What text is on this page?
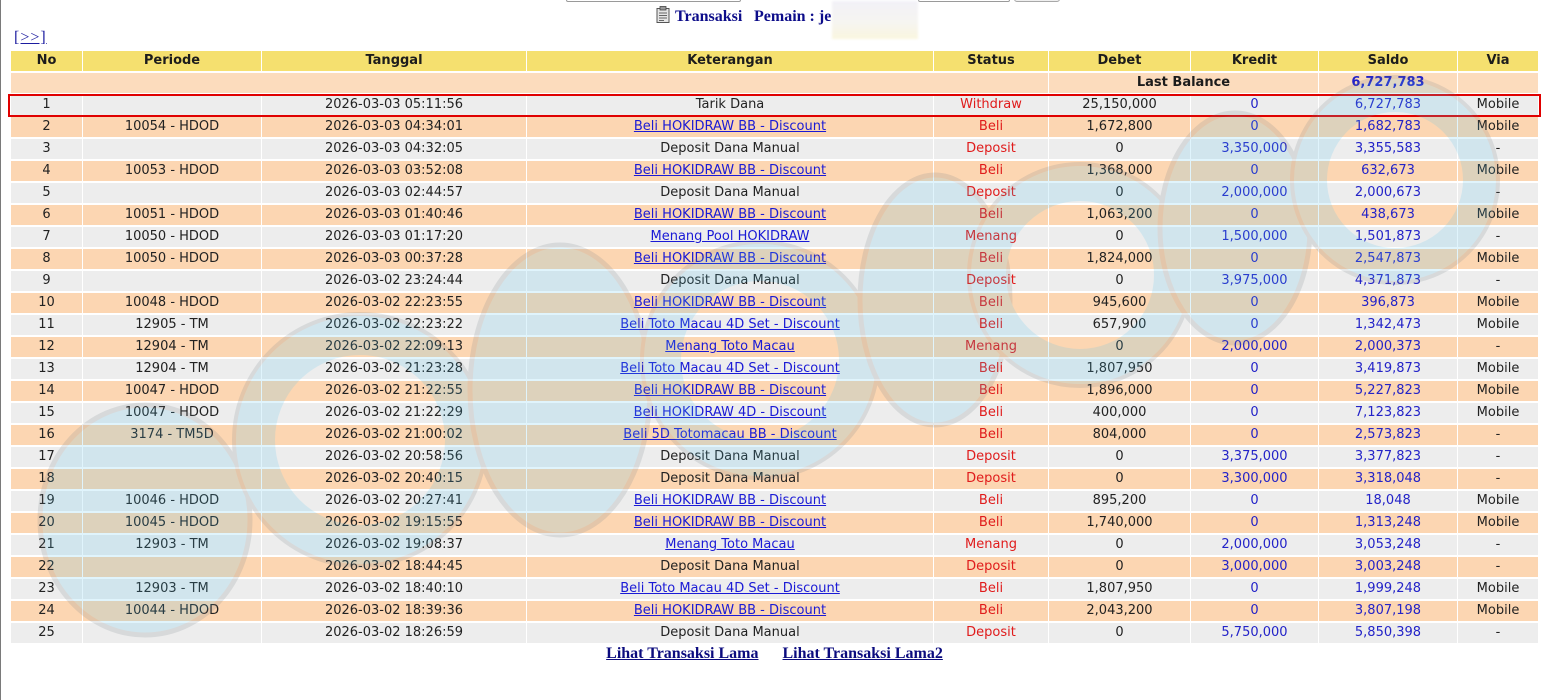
Transaksi Pemain : je
[>>]
No	Periode	Tanggal	Keterangan	Status	Debet	Kredit	Saldo	Via
					Last Balance		6,727,783	
1		2026-03-03 05:11:56	Tarik Dana	Withdraw	25,150,000	0	6,727,783	Mobile
2	10054 - HDOD	2026-03-03 04:34:01	Beli HOKIDRAW BB - Discount	Beli	1,672,800	0	1,682,783	Mobile
3		2026-03-03 04:32:05	Deposit Dana Manual	Deposit	0	3,350,000	3,355,583	-
4	10053 - HDOD	2026-03-03 03:52:08	Beli HOKIDRAW BB - Discount	Beli	1,368,000	0	632,673	Mobile
5		2026-03-03 02:44:57	Deposit Dana Manual	Deposit	0	2,000,000	2,000,673	-
6	10051 - HDOD	2026-03-03 01:40:46	Beli HOKIDRAW BB - Discount	Beli	1,063,200	0	438,673	Mobile
7	10050 - HDOD	2026-03-03 01:17:20	Menang Pool HOKIDRAW	Menang	0	1,500,000	1,501,873	-
8	10050 - HDOD	2026-03-03 00:37:28	Beli HOKIDRAW BB - Discount	Beli	1,824,000	0	2,547,873	Mobile
9		2026-03-02 23:24:44	Deposit Dana Manual	Deposit	0	3,975,000	4,371,873	-
10	10048 - HDOD	2026-03-02 22:23:55	Beli HOKIDRAW BB - Discount	Beli	945,600	0	396,873	Mobile
11	12905 - TM	2026-03-02 22:23:22	Beli Toto Macau 4D Set - Discount	Beli	657,900	0	1,342,473	Mobile
12	12904 - TM	2026-03-02 22:09:13	Menang Toto Macau	Menang	0	2,000,000	2,000,373	-
13	12904 - TM	2026-03-02 21:23:28	Beli Toto Macau 4D Set - Discount	Beli	1,807,950	0	3,419,873	Mobile
14	10047 - HDOD	2026-03-02 21:22:55	Beli HOKIDRAW BB - Discount	Beli	1,896,000	0	5,227,823	Mobile
15	10047 - HDOD	2026-03-02 21:22:29	Beli HOKIDRAW 4D - Discount	Beli	400,000	0	7,123,823	Mobile
16	3174 - TM5D	2026-03-02 21:00:02	Beli 5D Totomacau BB - Discount	Beli	804,000	0	2,573,823	-
17		2026-03-02 20:58:56	Deposit Dana Manual	Deposit	0	3,375,000	3,377,823	-
18		2026-03-02 20:40:15	Deposit Dana Manual	Deposit	0	3,300,000	3,318,048	-
19	10046 - HDOD	2026-03-02 20:27:41	Beli HOKIDRAW BB - Discount	Beli	895,200	0	18,048	Mobile
20	10045 - HDOD	2026-03-02 19:15:55	Beli HOKIDRAW BB - Discount	Beli	1,740,000	0	1,313,248	Mobile
21	12903 - TM	2026-03-02 19:08:37	Menang Toto Macau	Menang	0	2,000,000	3,053,248	-
22		2026-03-02 18:44:45	Deposit Dana Manual	Deposit	0	3,000,000	3,003,248	-
23	12903 - TM	2026-03-02 18:40:10	Beli Toto Macau 4D Set - Discount	Beli	1,807,950	0	1,999,248	Mobile
24	10044 - HDOD	2026-03-02 18:39:36	Beli HOKIDRAW BB - Discount	Beli	2,043,200	0	3,807,198	Mobile
25		2026-03-02 18:26:59	Deposit Dana Manual	Deposit	0	5,750,000	5,850,398	-
Lihat Transaksi Lama Lihat Transaksi Lama2
